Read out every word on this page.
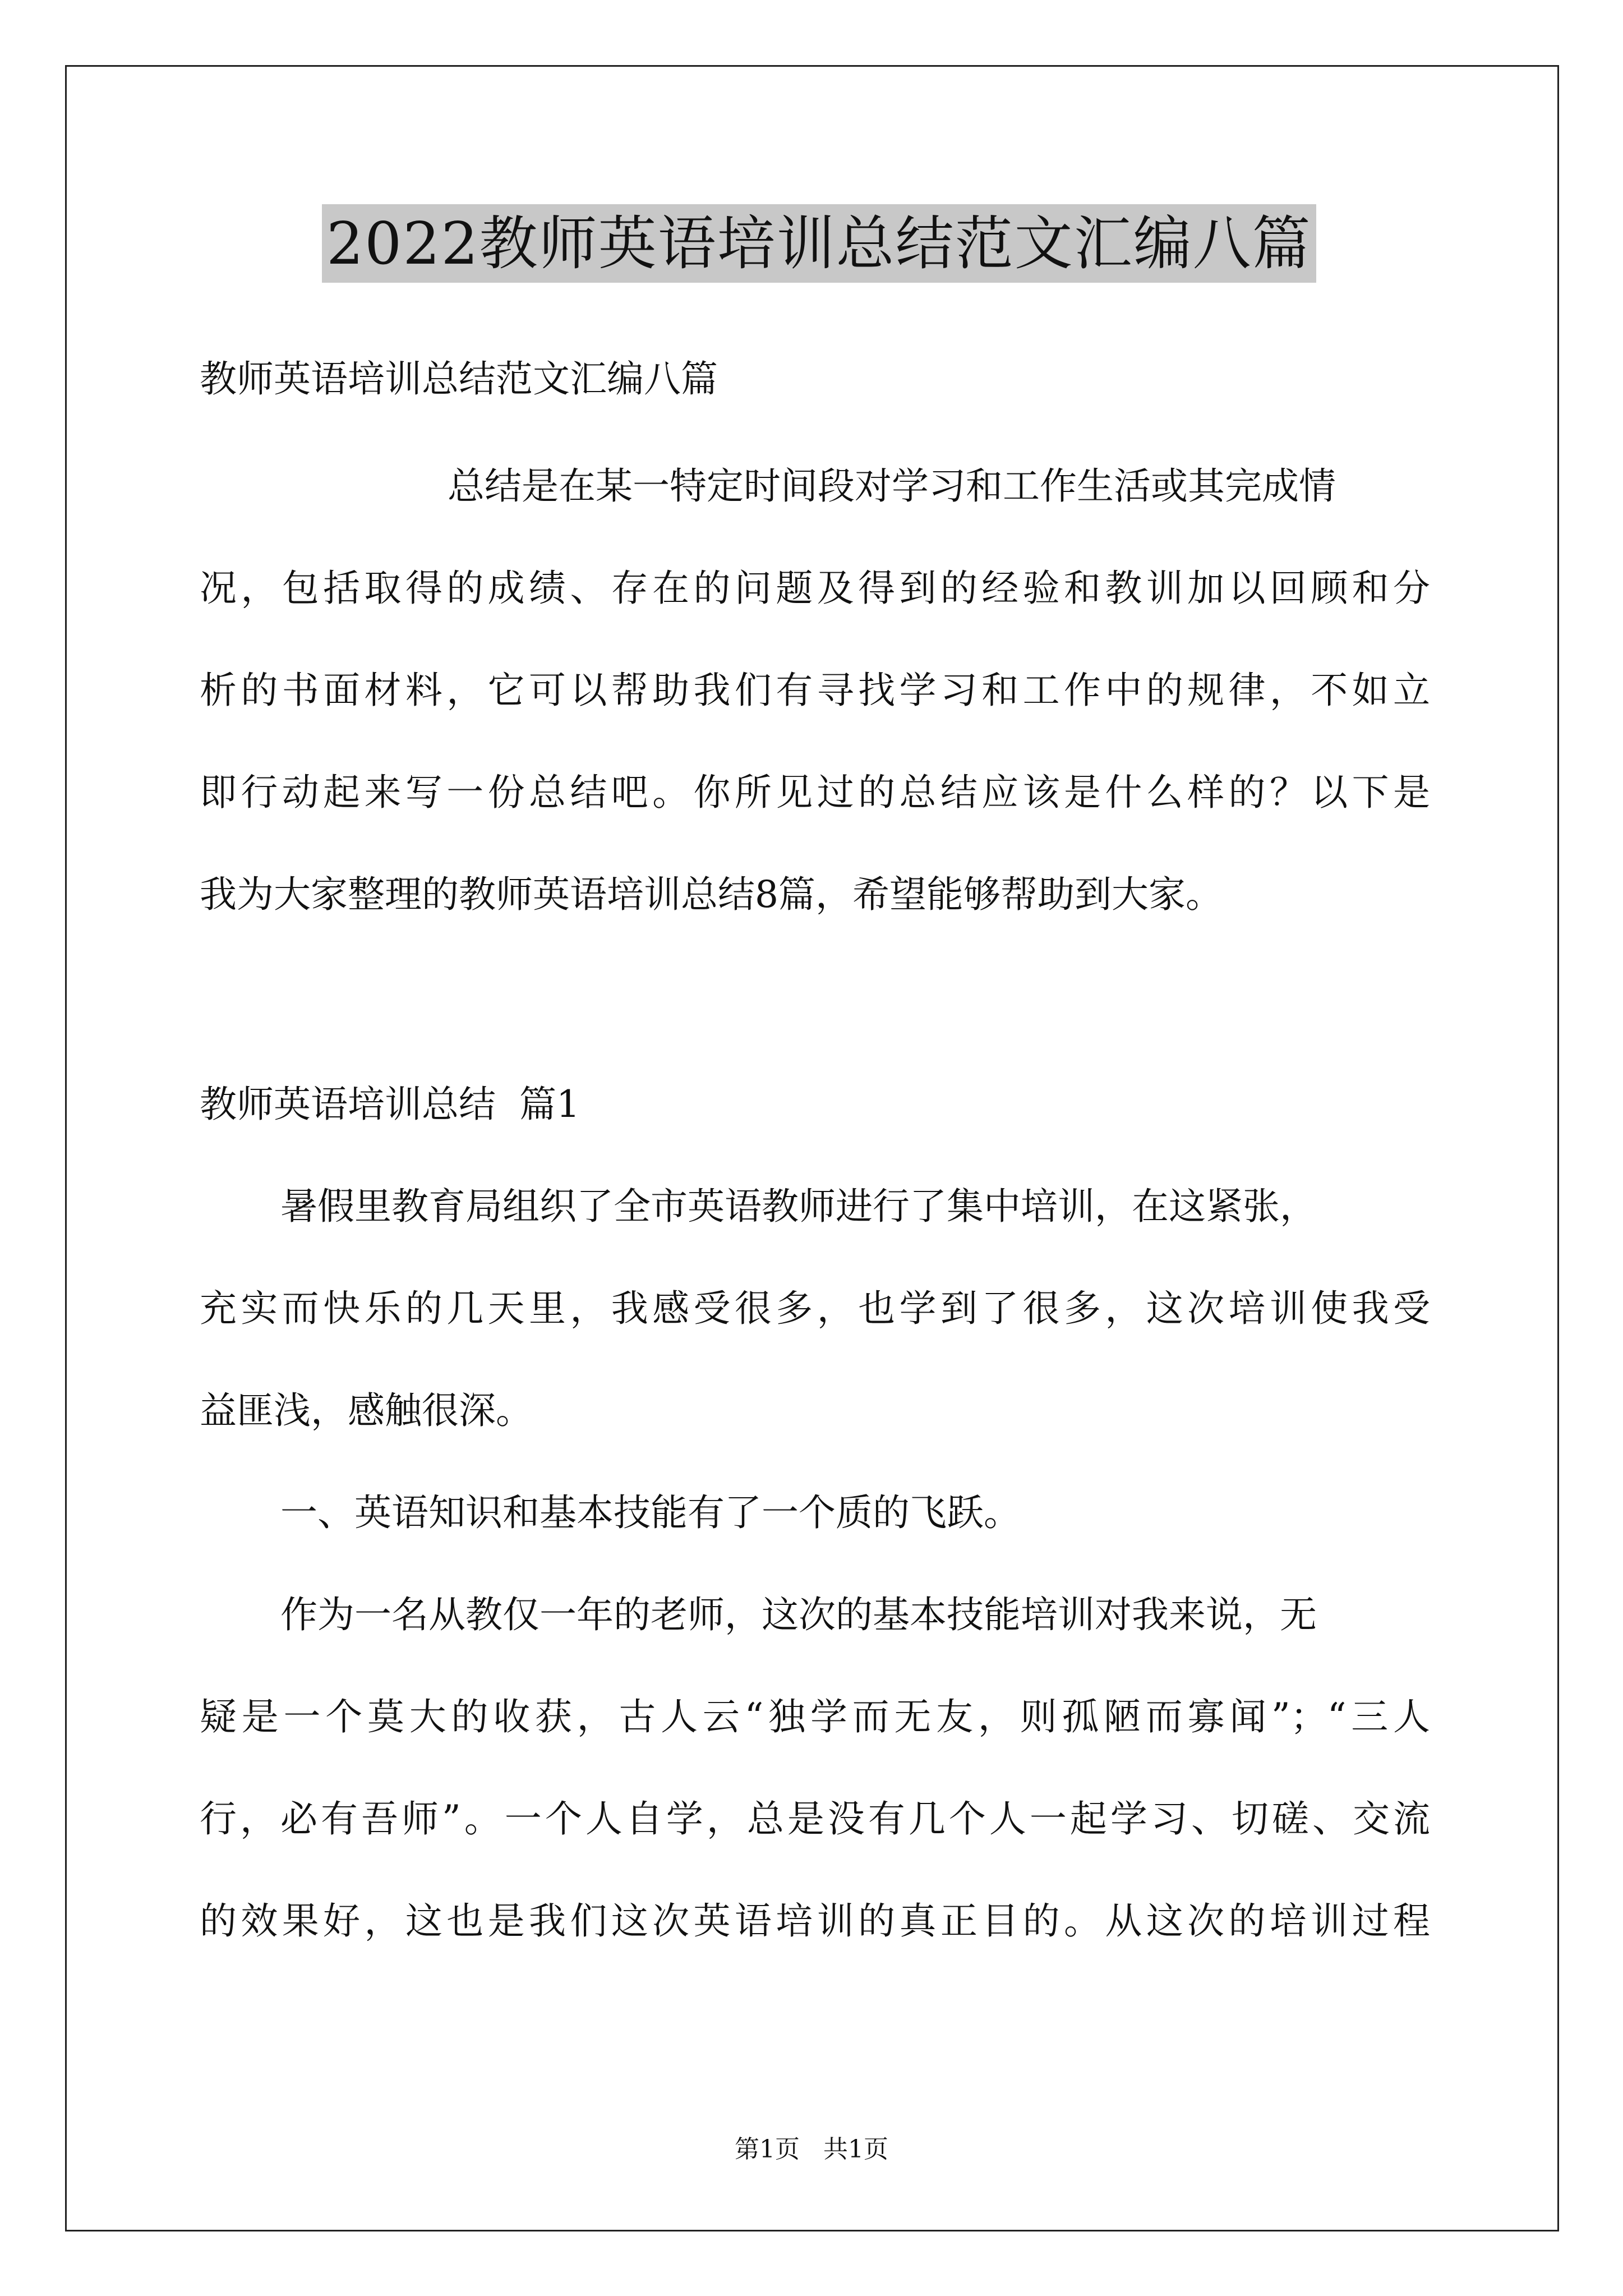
2022教师英语培训总结范文汇编八篇
教师英语培训总结范文汇编八篇
总结是在某一特定时间段对学习和工作生活或其完成情
况，包括取得的成绩、存在的问题及得到的经验和教训加以回顾和分
析的书面材料，它可以帮助我们有寻找学习和工作中的规律，不如立
即行动起来写一份总结吧。你所见过的总结应该是什么样的？以下是
我为大家整理的教师英语培训总结8篇，希望能够帮助到大家。
教师英语培训总结  篇1
暑假里教育局组织了全市英语教师进行了集中培训，在这紧张，
充实而快乐的几天里，我感受很多，也学到了很多，这次培训使我受
益匪浅，感触很深。
一、英语知识和基本技能有了一个质的飞跃。
作为一名从教仅一年的老师，这次的基本技能培训对我来说，无
疑是一个莫大的收获，古人云“独学而无友，则孤陋而寡闻”；“三人
行，必有吾师”。一个人自学，总是没有几个人一起学习、切磋、交流
的效果好，这也是我们这次英语培训的真正目的。从这次的培训过程
第1页   共1页
